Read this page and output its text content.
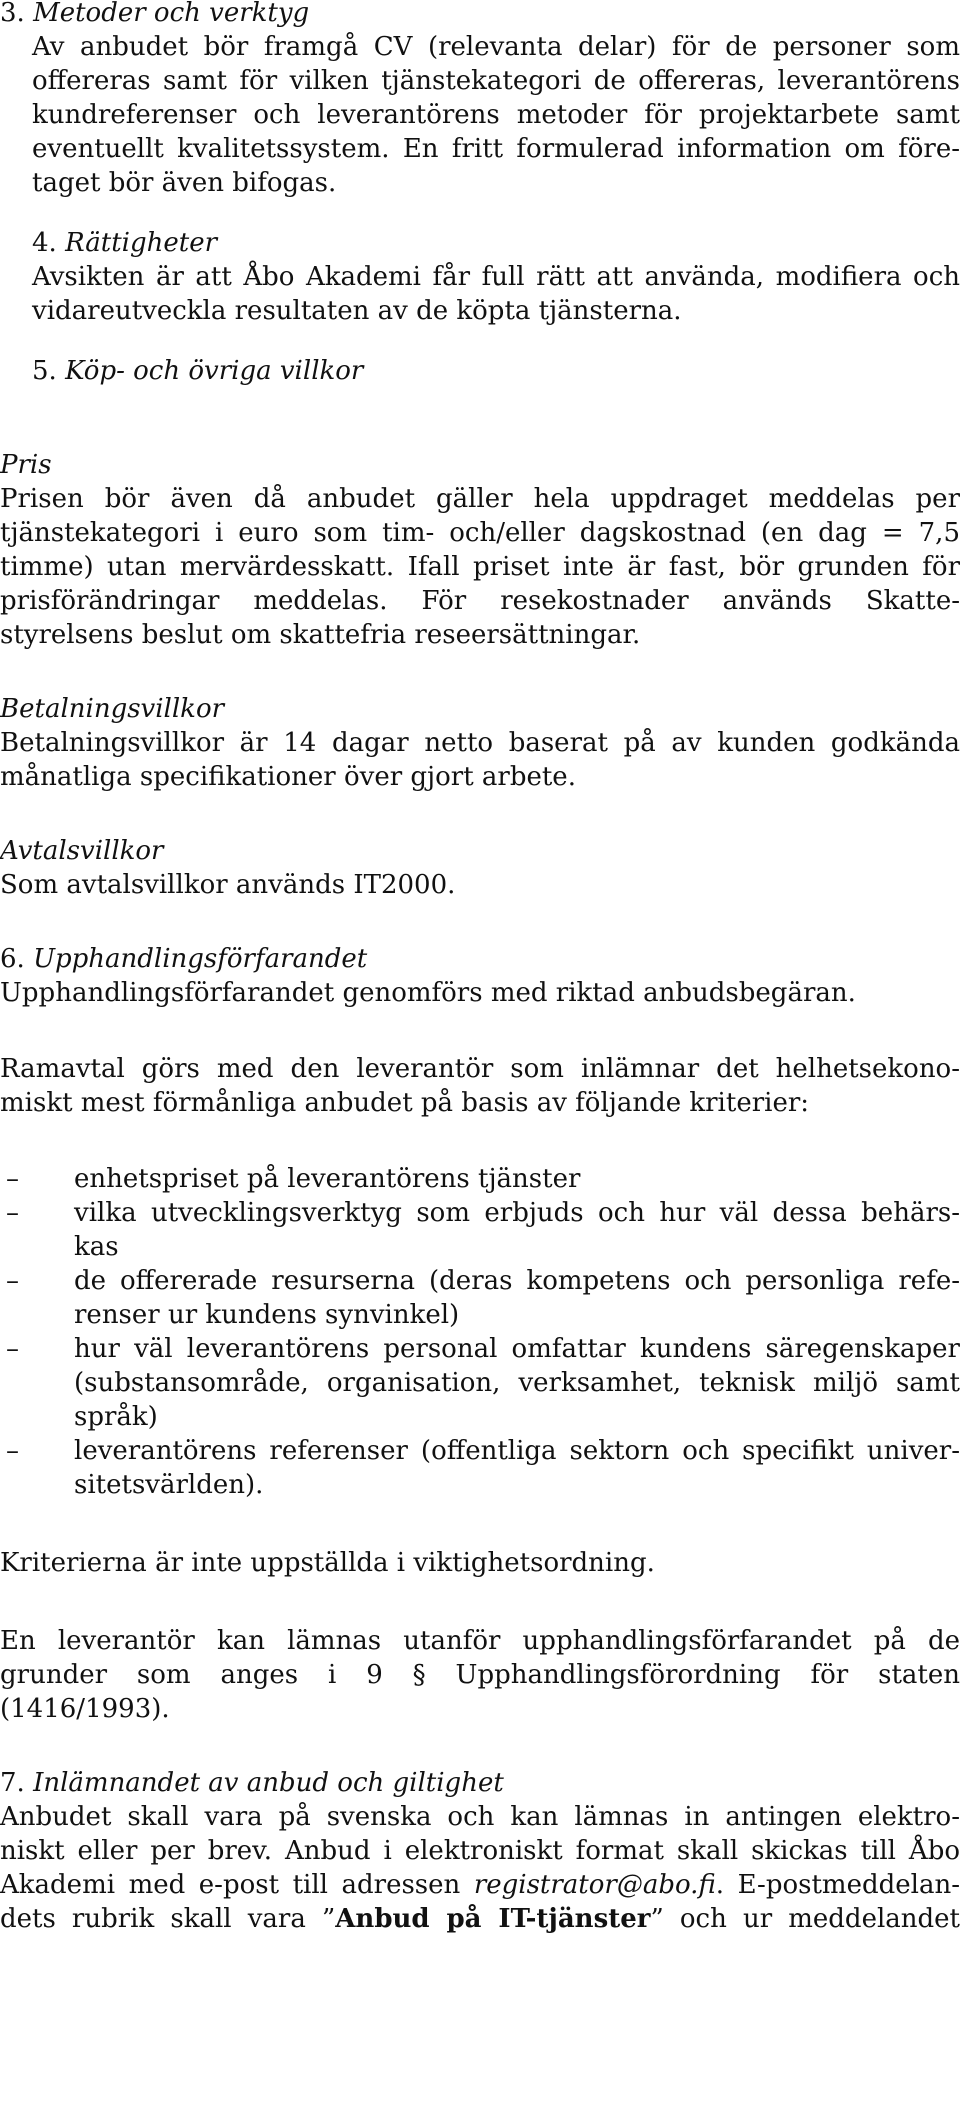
3. Metoder och verktyg
Av anbudet bör framgå CV (relevanta delar) för de personer som
offereras samt för vilken tjänstekategori de offereras, leverantörens
kundreferenser och leverantörens metoder för projektarbete samt
eventuellt kvalitetssystem. En fritt formulerad information om före-
taget bör även bifogas.
4. Rättigheter
Avsikten är att Åbo Akademi får full rätt att använda, modifiera och
vidareutveckla resultaten av de köpta tjänsterna.
5. Köp- och övriga villkor
Pris
Prisen bör även då anbudet gäller hela uppdraget meddelas per
tjänstekategori i euro som tim- och/eller dagskostnad (en dag = 7,5
timme) utan mervärdesskatt. Ifall priset inte är fast, bör grunden för
prisförändringar meddelas. För resekostnader används Skatte-
styrelsens beslut om skattefria reseersättningar.
Betalningsvillkor
Betalningsvillkor är 14 dagar netto baserat på av kunden godkända
månatliga specifikationer över gjort arbete.
Avtalsvillkor
Som avtalsvillkor används IT2000.
6. Upphandlingsförfarandet
Upphandlingsförfarandet genomförs med riktad anbudsbegäran.
Ramavtal görs med den leverantör som inlämnar det helhetsekono-
miskt mest förmånliga anbudet på basis av följande kriterier:
–	enhetspriset på leverantörens tjänster
–	vilka utvecklingsverktyg som erbjuds och hur väl dessa behärs-
kas
–	de offererade resurserna (deras kompetens och personliga refe-
renser ur kundens synvinkel)
–	hur väl leverantörens personal omfattar kundens säregenskaper
(substansområde, organisation, verksamhet, teknisk miljö samt
språk)
–	leverantörens referenser (offentliga sektorn och specifikt univer-
sitetsvärlden).
Kriterierna är inte uppställda i viktighetsordning.
En leverantör kan lämnas utanför upphandlingsförfarandet på de
grunder som anges i 9 § Upphandlingsförordning för staten
(1416/1993).
7. Inlämnandet av anbud och giltighet
Anbudet skall vara på svenska och kan lämnas in antingen elektro-
niskt eller per brev. Anbud i elektroniskt format skall skickas till Åbo
Akademi med e-post till adressen registrator@abo.fi. E-postmeddelan-
dets rubrik skall vara ”Anbud på IT-tjänster” och ur meddelandet
